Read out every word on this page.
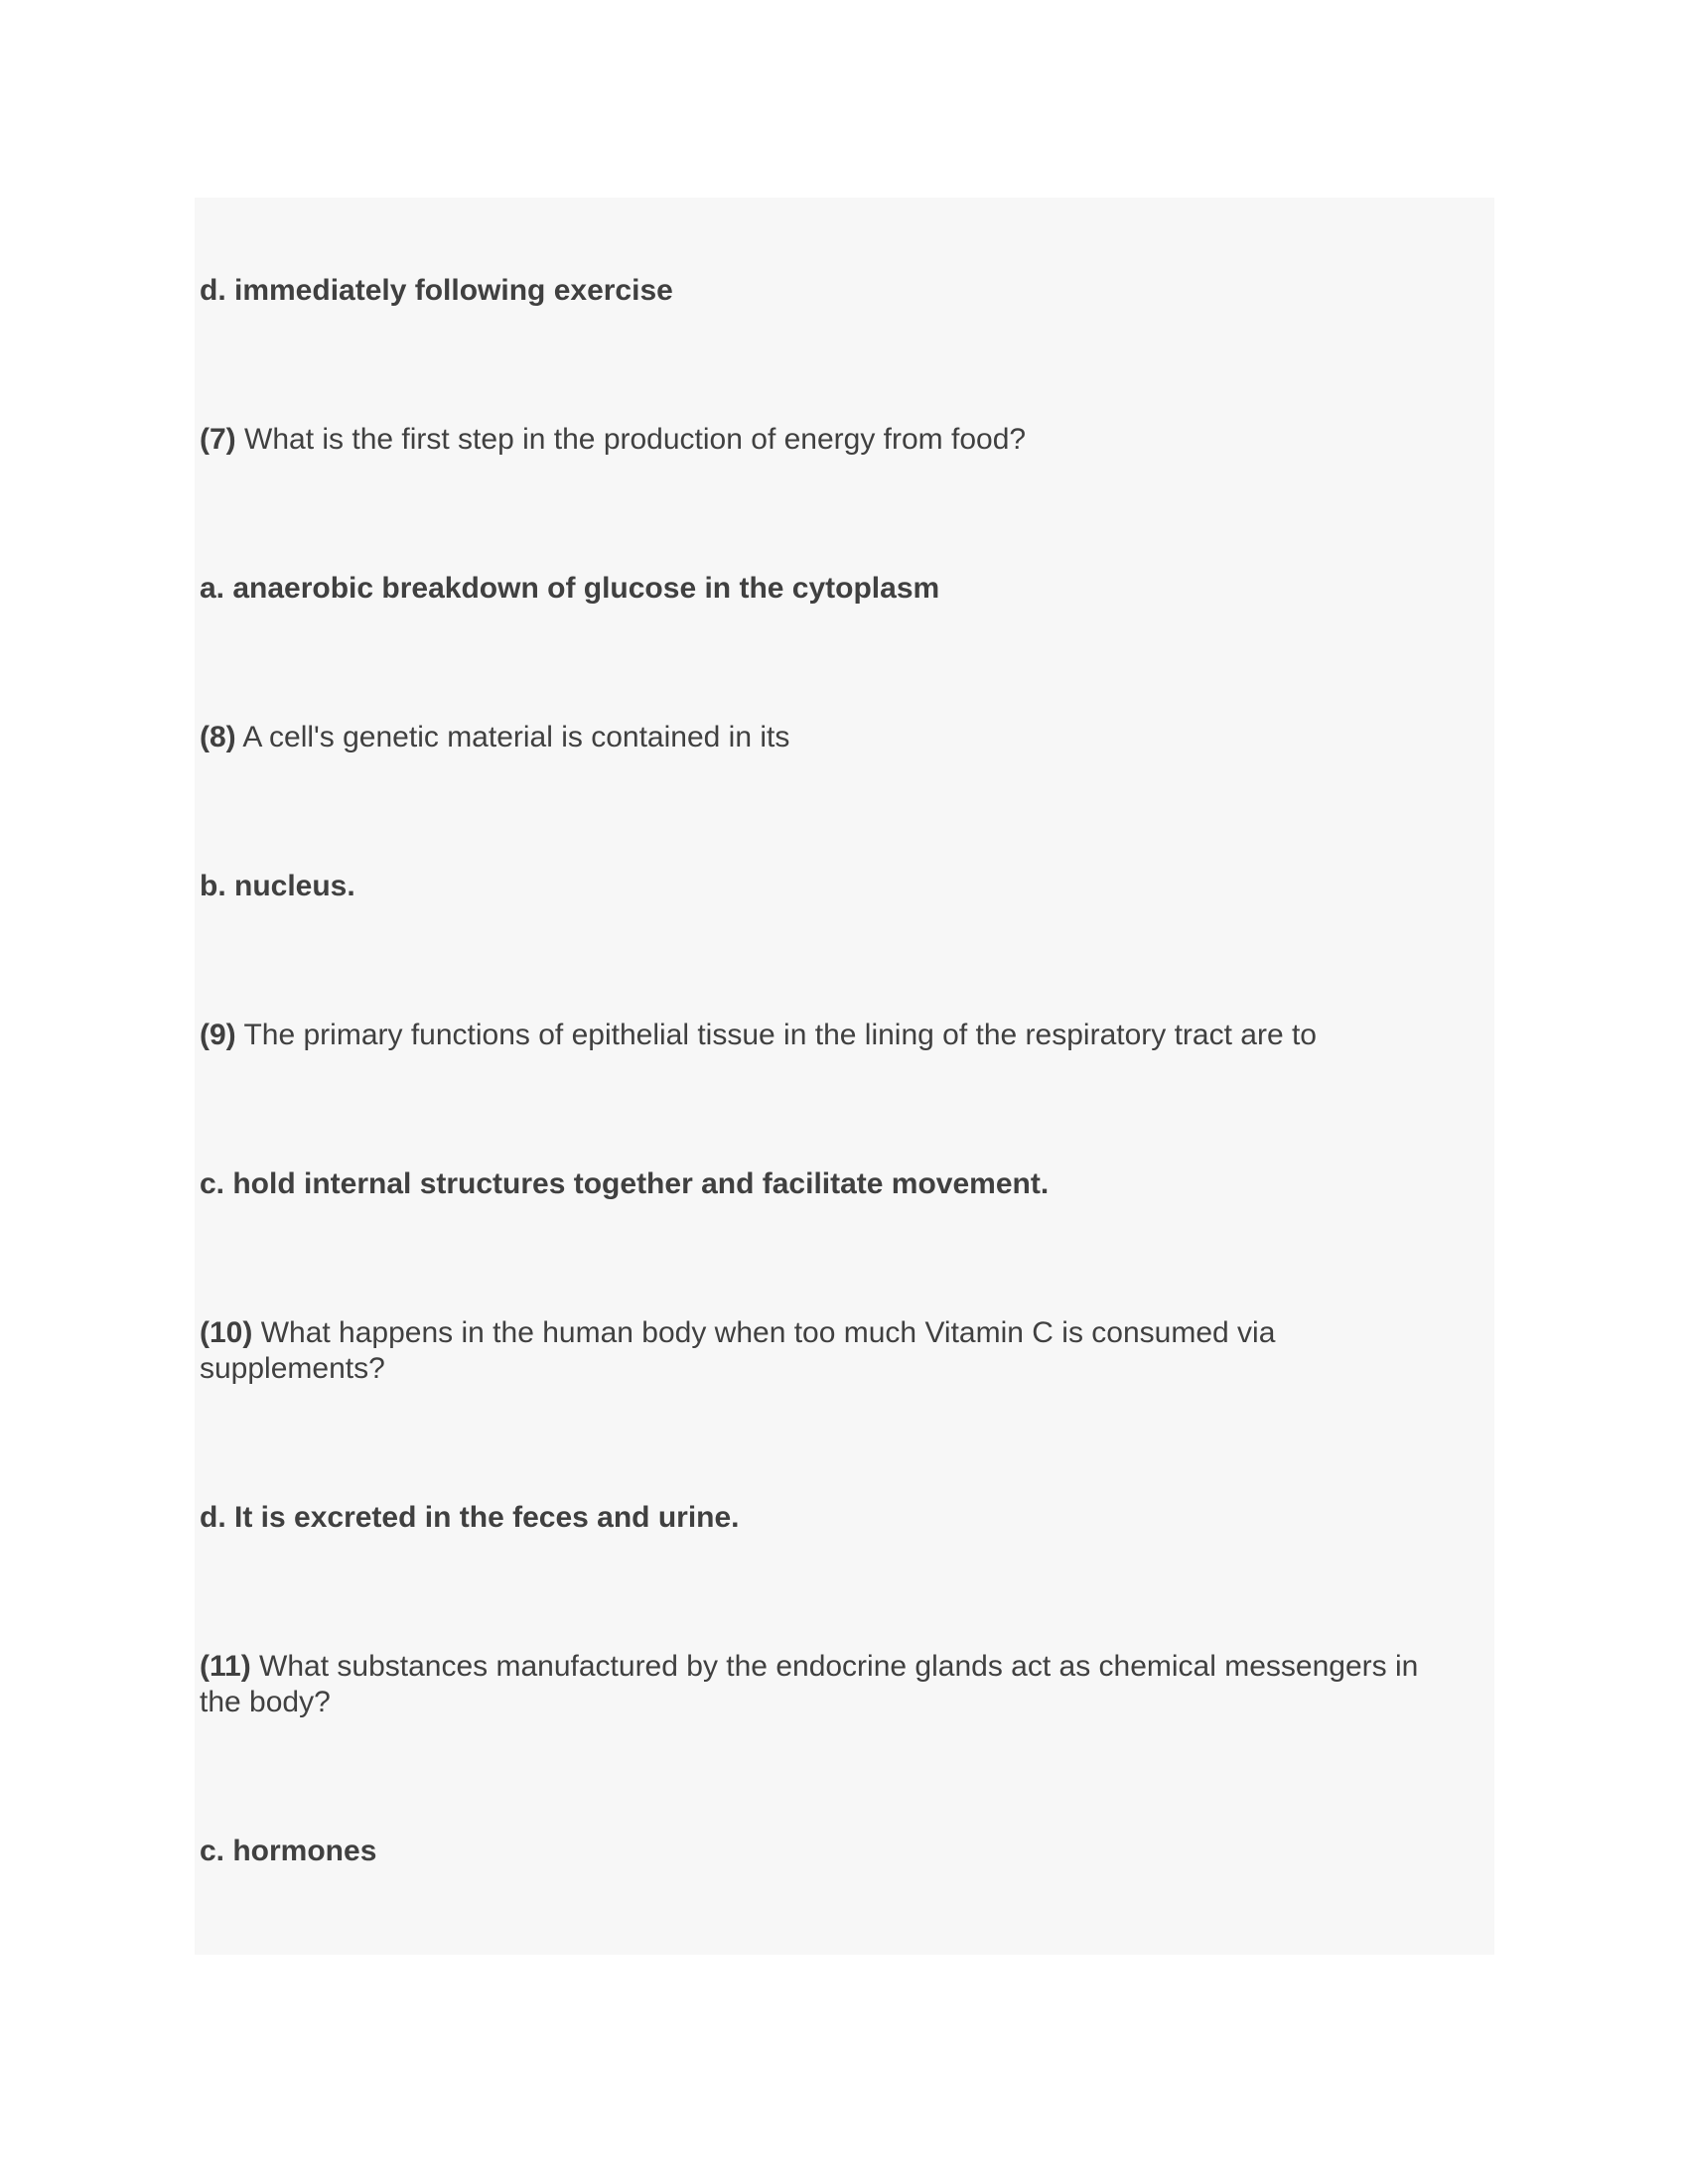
d. immediately following exercise

(7) What is the first step in the production of energy from food?

a. anaerobic breakdown of glucose in the cytoplasm

(8) A cell's genetic material is contained in its

b. nucleus.

(9) The primary functions of epithelial tissue in the lining of the respiratory tract are to

c. hold internal structures together and facilitate movement.

(10) What happens in the human body when too much Vitamin C is consumed via supplements?

d. It is excreted in the feces and urine.

(11) What substances manufactured by the endocrine glands act as chemical messengers in the body?

c. hormones
